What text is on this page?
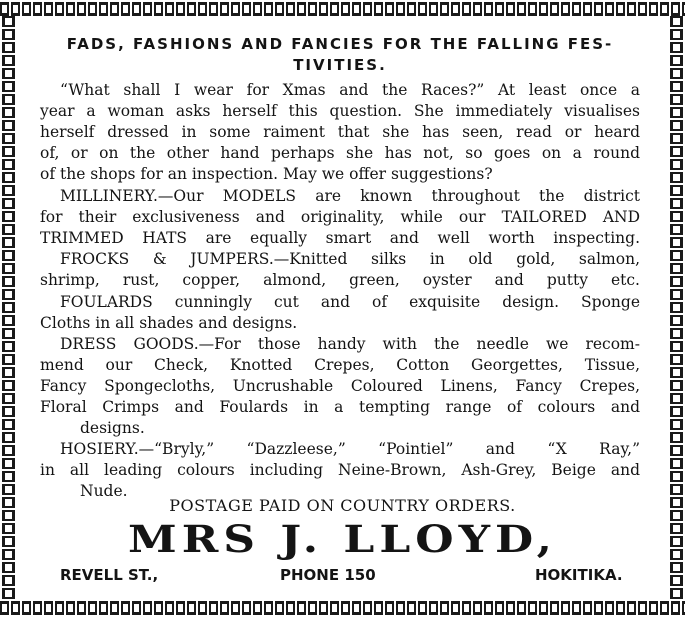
FADS, FASHIONS AND FANCIES FOR THE FALLING FES-
TIVITIES.
“What shall I wear for Xmas and the Races?” At least once a
year a woman asks herself this question. She immediately visualises
herself dressed in some raiment that she has seen, read or heard
of, or on the other hand perhaps she has not, so goes on a round
of the shops for an inspection. May we offer suggestions?
MILLINERY.—Our MODELS are known throughout the district
for their exclusiveness and originality, while our TAILORED AND
TRIMMED HATS are equally smart and well worth inspecting.
FROCKS & JUMPERS.—Knitted silks in old gold, salmon,
shrimp, rust, copper, almond, green, oyster and putty etc.
FOULARDS cunningly cut and of exquisite design. Sponge
Cloths in all shades and designs.
DRESS GOODS.—For those handy with the needle we recom-
mend our Check, Knotted Crepes, Cotton Georgettes, Tissue,
Fancy Spongecloths, Uncrushable Coloured Linens, Fancy Crepes,
Floral Crimps and Foulards in a tempting range of colours and
designs.
HOSIERY.—“Bryly,” “Dazzleese,” “Pointiel” and “X Ray,”
in all leading colours including Neine-Brown, Ash-Grey, Beige and
Nude.
POSTAGE PAID ON COUNTRY ORDERS.
MRS J. LLOYD,
REVELL ST.,	PHONE 150	HOKITIKA.
